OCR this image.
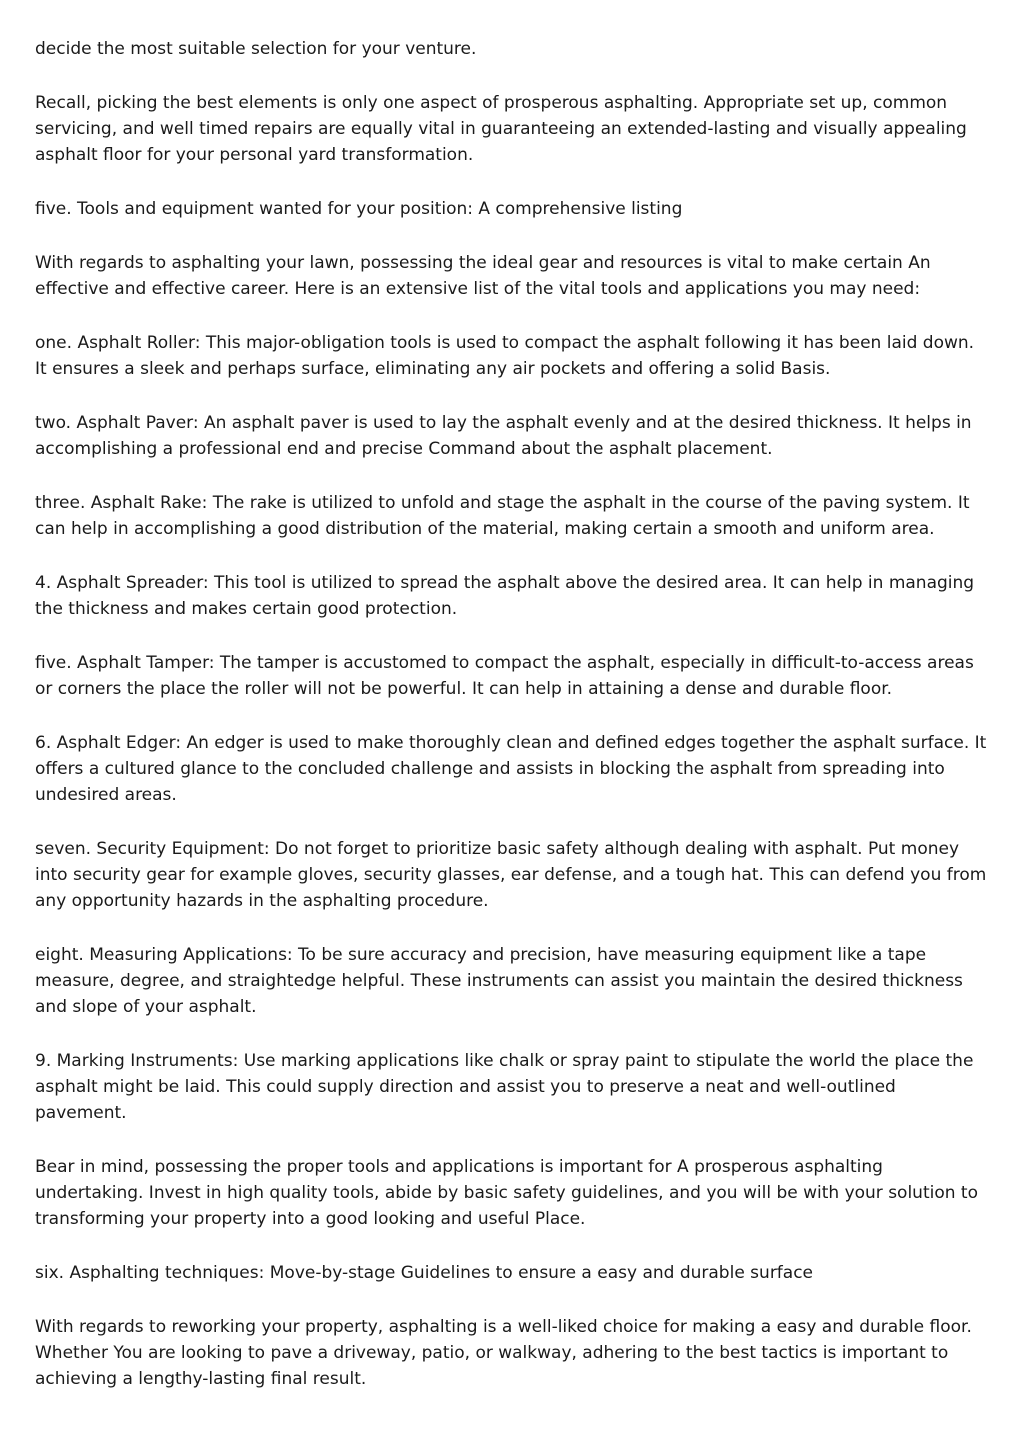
decide the most suitable selection for your venture.

Recall, picking the best elements is only one aspect of prosperous asphalting. Appropriate set up, common servicing, and well timed repairs are equally vital in guaranteeing an extended-lasting and visually appealing asphalt floor for your personal yard transformation.

five. Tools and equipment wanted for your position: A comprehensive listing

With regards to asphalting your lawn, possessing the ideal gear and resources is vital to make certain An effective and effective career. Here is an extensive list of the vital tools and applications you may need:

one. Asphalt Roller: This major-obligation tools is used to compact the asphalt following it has been laid down. It ensures a sleek and perhaps surface, eliminating any air pockets and offering a solid Basis.

two. Asphalt Paver: An asphalt paver is used to lay the asphalt evenly and at the desired thickness. It helps in accomplishing a professional end and precise Command about the asphalt placement.

three. Asphalt Rake: The rake is utilized to unfold and stage the asphalt in the course of the paving system. It can help in accomplishing a good distribution of the material, making certain a smooth and uniform area.

4. Asphalt Spreader: This tool is utilized to spread the asphalt above the desired area. It can help in managing the thickness and makes certain good protection.

five. Asphalt Tamper: The tamper is accustomed to compact the asphalt, especially in difficult-to-access areas or corners the place the roller will not be powerful. It can help in attaining a dense and durable floor.

6. Asphalt Edger: An edger is used to make thoroughly clean and defined edges together the asphalt surface. It offers a cultured glance to the concluded challenge and assists in blocking the asphalt from spreading into undesired areas.

seven. Security Equipment: Do not forget to prioritize basic safety although dealing with asphalt. Put money into security gear for example gloves, security glasses, ear defense, and a tough hat. This can defend you from any opportunity hazards in the asphalting procedure.

eight. Measuring Applications: To be sure accuracy and precision, have measuring equipment like a tape measure, degree, and straightedge helpful. These instruments can assist you maintain the desired thickness and slope of your asphalt.

9. Marking Instruments: Use marking applications like chalk or spray paint to stipulate the world the place the asphalt might be laid. This could supply direction and assist you to preserve a neat and well-outlined pavement.

Bear in mind, possessing the proper tools and applications is important for A prosperous asphalting undertaking. Invest in high quality tools, abide by basic safety guidelines, and you will be with your solution to transforming your property into a good looking and useful Place.

six. Asphalting techniques: Move-by-stage Guidelines to ensure a easy and durable surface

With regards to reworking your property, asphalting is a well-liked choice for making a easy and durable floor. Whether You are looking to pave a driveway, patio, or walkway, adhering to the best tactics is important to achieving a lengthy-lasting final result.
